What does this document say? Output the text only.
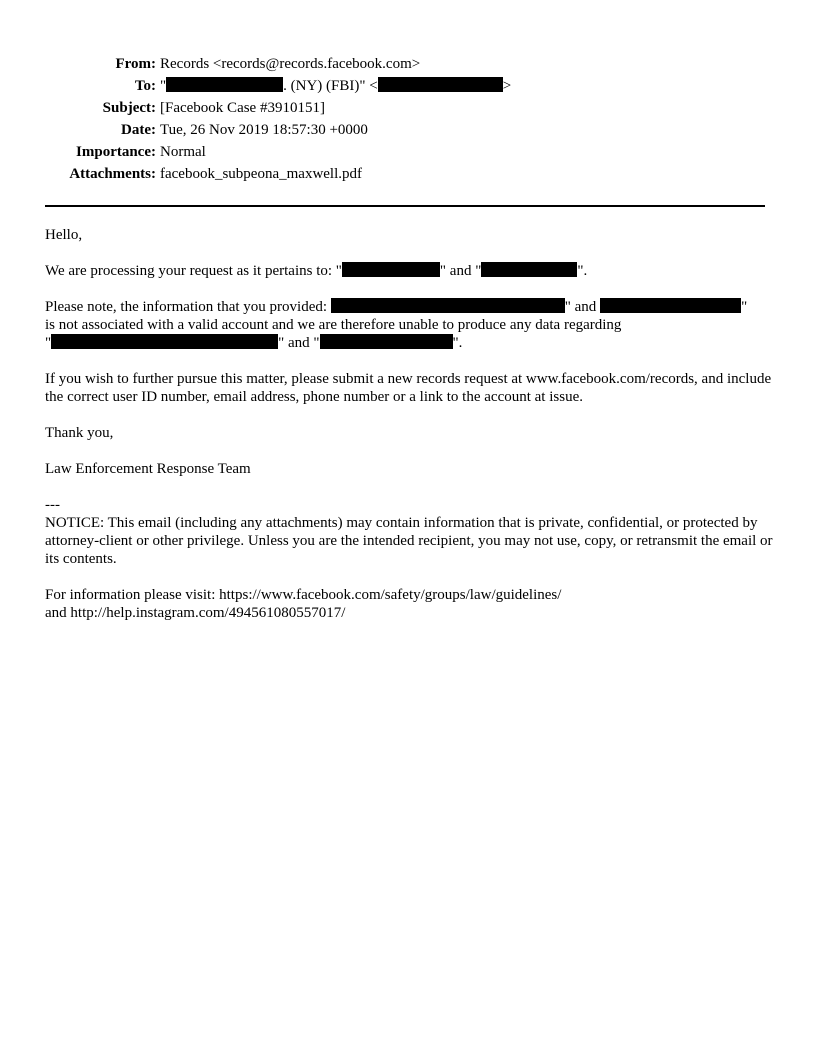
From: Records <records@records.facebook.com>
To: "	. (NY) (FBI)" <	>
Subject: [Facebook Case #3910151]
Date: Tue, 26 Nov 2019 18:57:30 +0000
Importance: Normal
Attachments: facebook_subpeona_maxwell.pdf

Hello,

We are processing your request as it pertains to: "	" and "	".

Please note, the information that you provided:	" and	"
is not associated with a valid account and we are therefore unable to produce any data regarding
"	" and "	".

If you wish to further pursue this matter, please submit a new records request at www.facebook.com/records, and include the correct user ID number, email address, phone number or a link to the account at issue.

Thank you,

Law Enforcement Response Team

---
NOTICE: This email (including any attachments) may contain information that is private, confidential, or protected by attorney-client or other privilege. Unless you are the intended recipient, you may not use, copy, or retransmit the email or its contents.

For information please visit: https://www.facebook.com/safety/groups/law/guidelines/
and http://help.instagram.com/494561080557017/
